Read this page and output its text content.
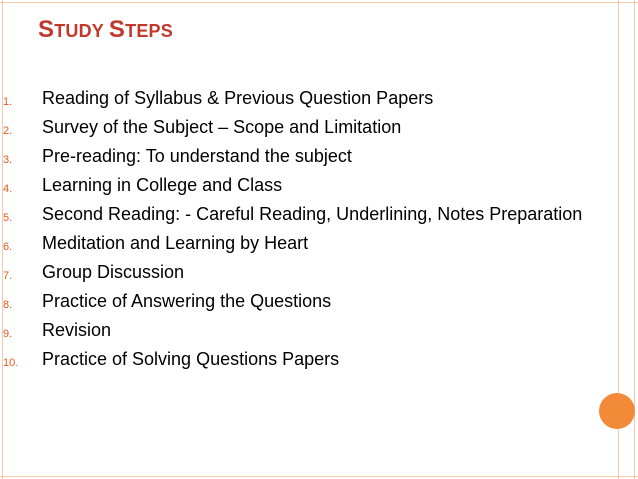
STUDY STEPS
1.	Reading of Syllabus & Previous Question Papers
2.	Survey of the Subject – Scope and Limitation
3.	Pre-reading: To understand the subject
4.	Learning in College and Class
5.	Second Reading: - Careful Reading, Underlining, Notes Preparation
6.	Meditation and Learning by Heart
7.	Group Discussion
8.	Practice of Answering the Questions
9.	Revision
10.	Practice of Solving Questions Papers
